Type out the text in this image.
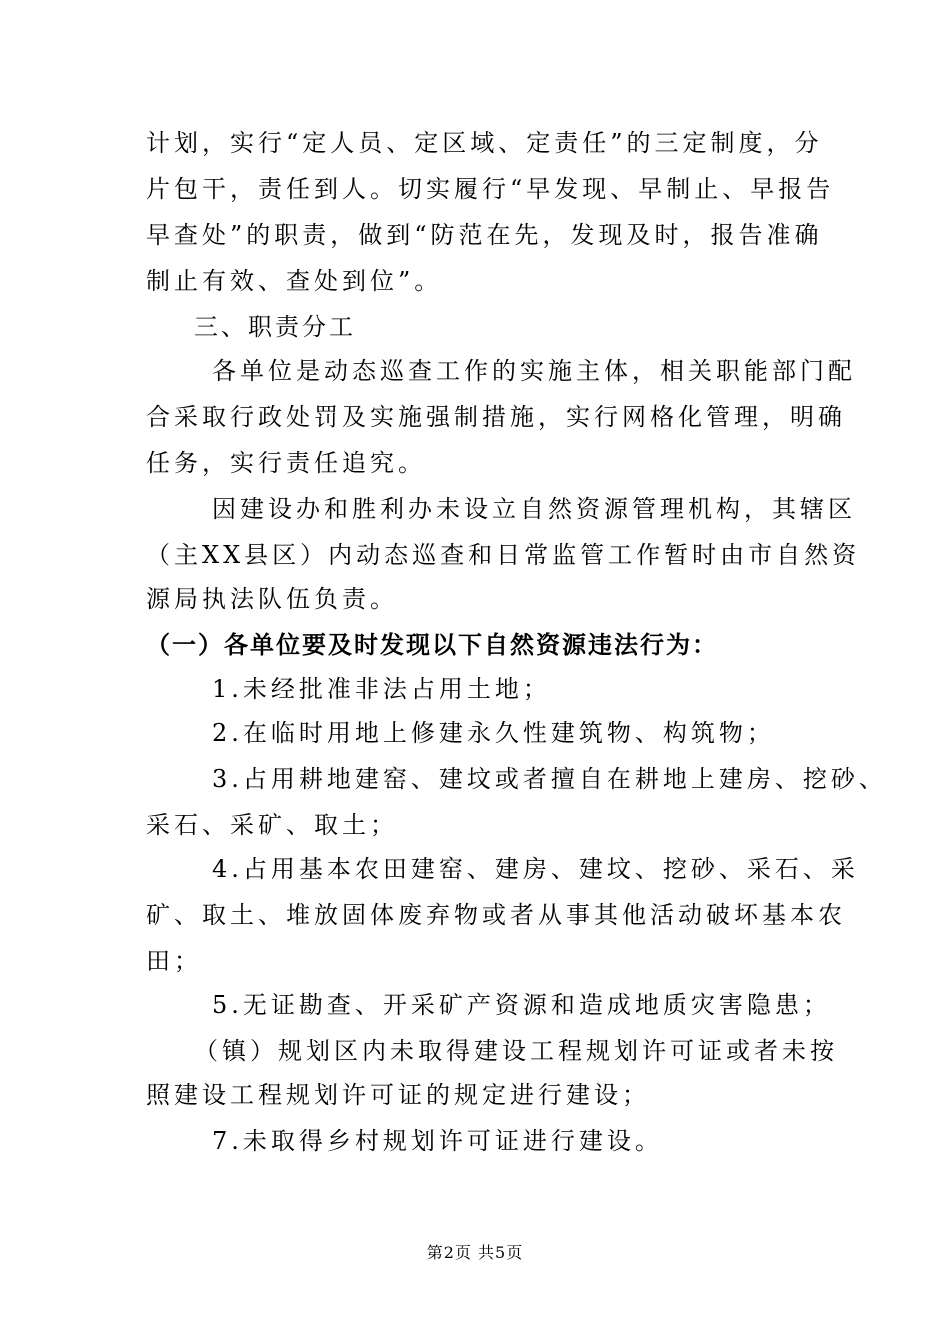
计划，实行“定人员、定区域、定责任”的三定制度，分
片包干，责任到人。切实履行“早发现、早制止、早报告
早查处”的职责，做到“防范在先，发现及时，报告准确
制止有效、查处到位”。
三、职责分工
各单位是动态巡查工作的实施主体，相关职能部门配
合采取行政处罚及实施强制措施，实行网格化管理，明确
任务，实行责任追究。
因建设办和胜利办未设立自然资源管理机构，其辖区
（主XX县区）内动态巡查和日常监管工作暂时由市自然资
源局执法队伍负责。
（一）各单位要及时发现以下自然资源违法行为：
1.未经批准非法占用土地；
2.在临时用地上修建永久性建筑物、构筑物；
3.占用耕地建窑、建坟或者擅自在耕地上建房、挖砂、
采石、采矿、取土；
4.占用基本农田建窑、建房、建坟、挖砂、采石、采
矿、取土、堆放固体废弃物或者从事其他活动破坏基本农
田；
5.无证勘查、开采矿产资源和造成地质灾害隐患；
（镇）规划区内未取得建设工程规划许可证或者未按
照建设工程规划许可证的规定进行建设；
7.未取得乡村规划许可证进行建设。
第2页 共5页
